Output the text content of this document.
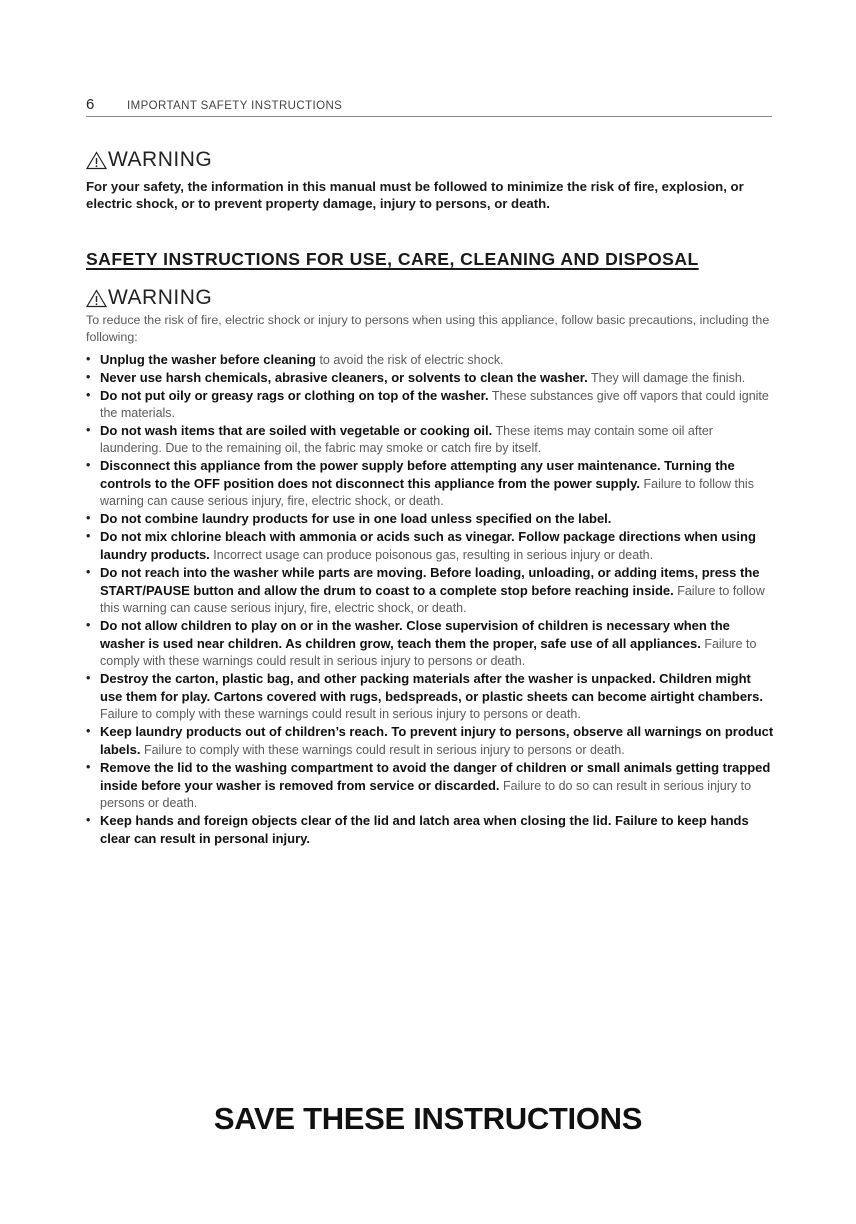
6	IMPORTANT SAFETY INSTRUCTIONS
WARNING
For your safety, the information in this manual must be followed to minimize the risk of fire, explosion, or electric shock, or to prevent property damage, injury to persons, or death.
SAFETY INSTRUCTIONS FOR USE, CARE, CLEANING AND DISPOSAL
WARNING
To reduce the risk of fire, electric shock or injury to persons when using this appliance, follow basic precautions, including the following:
• Unplug the washer before cleaning to avoid the risk of electric shock.
• Never use harsh chemicals, abrasive cleaners, or solvents to clean the washer. They will damage the finish.
• Do not put oily or greasy rags or clothing on top of the washer. These substances give off vapors that could ignite the materials.
• Do not wash items that are soiled with vegetable or cooking oil. These items may contain some oil after laundering. Due to the remaining oil, the fabric may smoke or catch fire by itself.
• Disconnect this appliance from the power supply before attempting any user maintenance. Turning the controls to the OFF position does not disconnect this appliance from the power supply. Failure to follow this warning can cause serious injury, fire, electric shock, or death.
• Do not combine laundry products for use in one load unless specified on the label.
• Do not mix chlorine bleach with ammonia or acids such as vinegar. Follow package directions when using laundry products. Incorrect usage can produce poisonous gas, resulting in serious injury or death.
• Do not reach into the washer while parts are moving. Before loading, unloading, or adding items, press the START/PAUSE button and allow the drum to coast to a complete stop before reaching inside. Failure to follow this warning can cause serious injury, fire, electric shock, or death.
• Do not allow children to play on or in the washer. Close supervision of children is necessary when the washer is used near children. As children grow, teach them the proper, safe use of all appliances. Failure to comply with these warnings could result in serious injury to persons or death.
• Destroy the carton, plastic bag, and other packing materials after the washer is unpacked. Children might use them for play. Cartons covered with rugs, bedspreads, or plastic sheets can become airtight chambers. Failure to comply with these warnings could result in serious injury to persons or death.
• Keep laundry products out of children’s reach. To prevent injury to persons, observe all warnings on product labels. Failure to comply with these warnings could result in serious injury to persons or death.
• Remove the lid to the washing compartment to avoid the danger of children or small animals getting trapped inside before your washer is removed from service or discarded. Failure to do so can result in serious injury to persons or death.
• Keep hands and foreign objects clear of the lid and latch area when closing the lid. Failure to keep hands clear can result in personal injury.
SAVE THESE INSTRUCTIONS
